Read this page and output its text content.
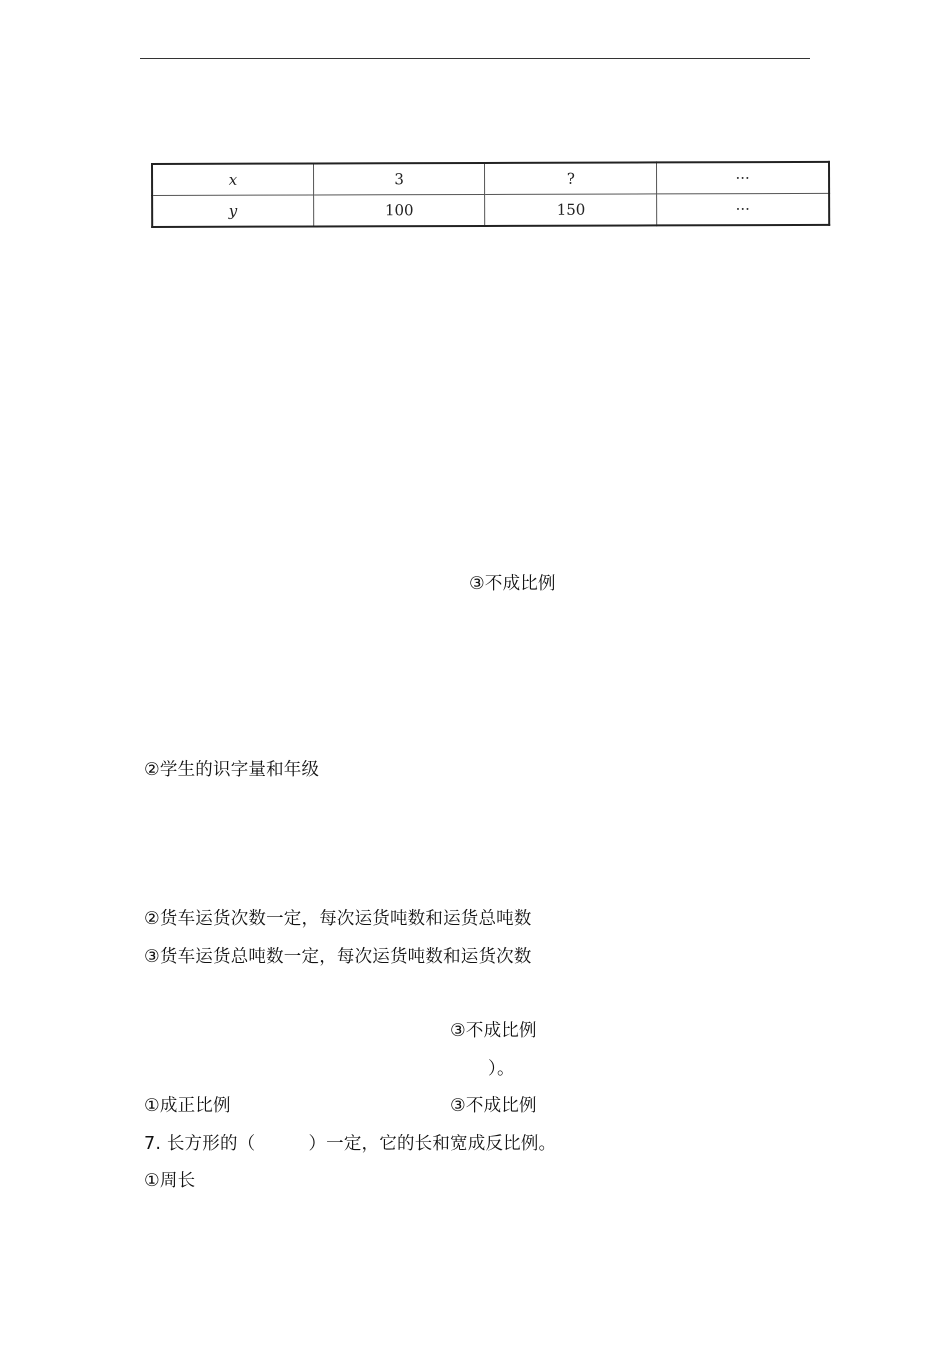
x	3	?	···
y	100	150	···
③不成比例
②学生的识字量和年级
②货车运货次数一定，每次运货吨数和运货总吨数
③货车运货总吨数一定，每次运货吨数和运货次数
③不成比例
）。
①成正比例	③不成比例
7. 长方形的（　　　）一定，它的长和宽成反比例。
①周长
